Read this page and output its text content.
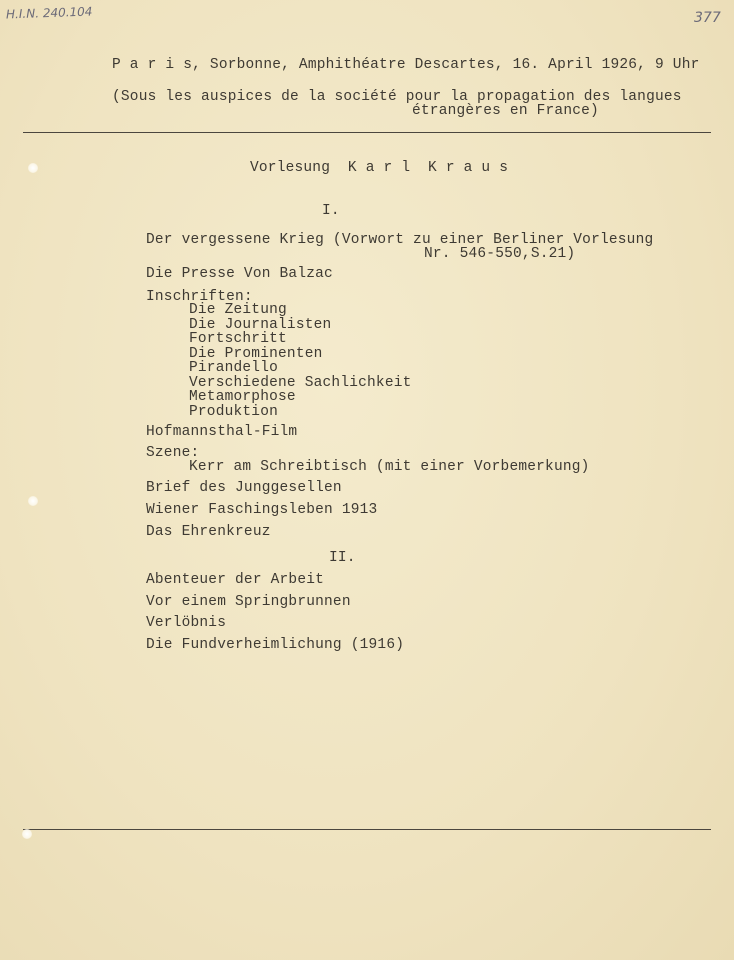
H.I.N. 240.104	377
P a r i s, Sorbonne, Amphithéatre Descartes, 16. April 1926, 9 Uhr
(Sous les auspices de la société pour la propagation des langues
étrangères en France)
Vorlesung  K a r l  K r a u s
I.
Der vergessene Krieg (Vorwort zu einer Berliner Vorlesung
Nr. 546-550,S.21)
Die Presse Von Balzac
Inschriften:
Die Zeitung
Die Journalisten
Fortschritt
Die Prominenten
Pirandello
Verschiedene Sachlichkeit
Metamorphose
Produktion
Hofmannsthal-Film
Szene:
Kerr am Schreibtisch (mit einer Vorbemerkung)
Brief des Junggesellen
Wiener Faschingsleben 1913
Das Ehrenkreuz
II.
Abenteuer der Arbeit
Vor einem Springbrunnen
Verlöbnis
Die Fundverheimlichung (1916)
